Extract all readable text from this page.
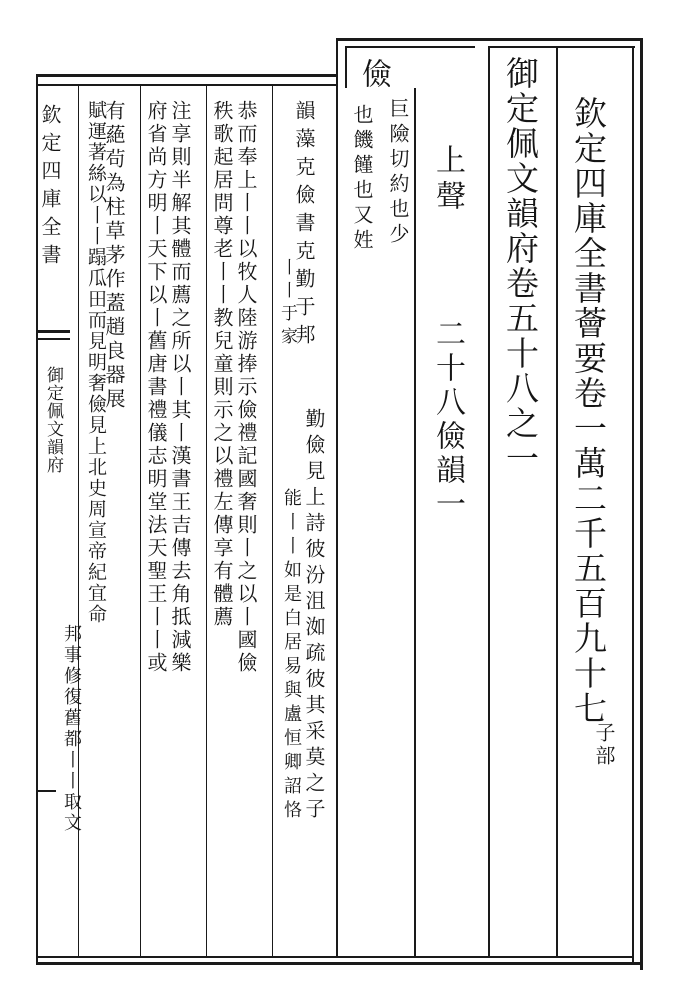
欽定四庫全書
御定佩文韻府	欽定四庫全書薈要卷一萬二千五百九十七
子部
御定佩文韻府卷五十八之一
上聲
二十八儉韻一
儉
巨險切約也少
也饑饉也又姓
韻藻克儉書克勤于邦
丨丨于家
勤儉見上詩彼汾沮洳疏彼其采莫之子
能丨丨如是白居易與盧恒卿詔恪
恭而奉上丨丨以牧人陸游捧示儉禮記國奢則丨之以丨國儉
秩歌起居問尊老丨丨教兒童則示之以禮左傳享有體薦
注享則半解其體而薦之所以丨其丨漢書王吉傳去角抵減樂
府省尚方明丨天下以丨舊唐書禮儀志明堂法天聖王丨丨或
有蕝茍為柱草茅作蓋趙良器展
賦運著絲以丨丨蹋瓜田而見明奢儉見上北史周宣帝紀宜命
邦事修復舊都丨丨取文
